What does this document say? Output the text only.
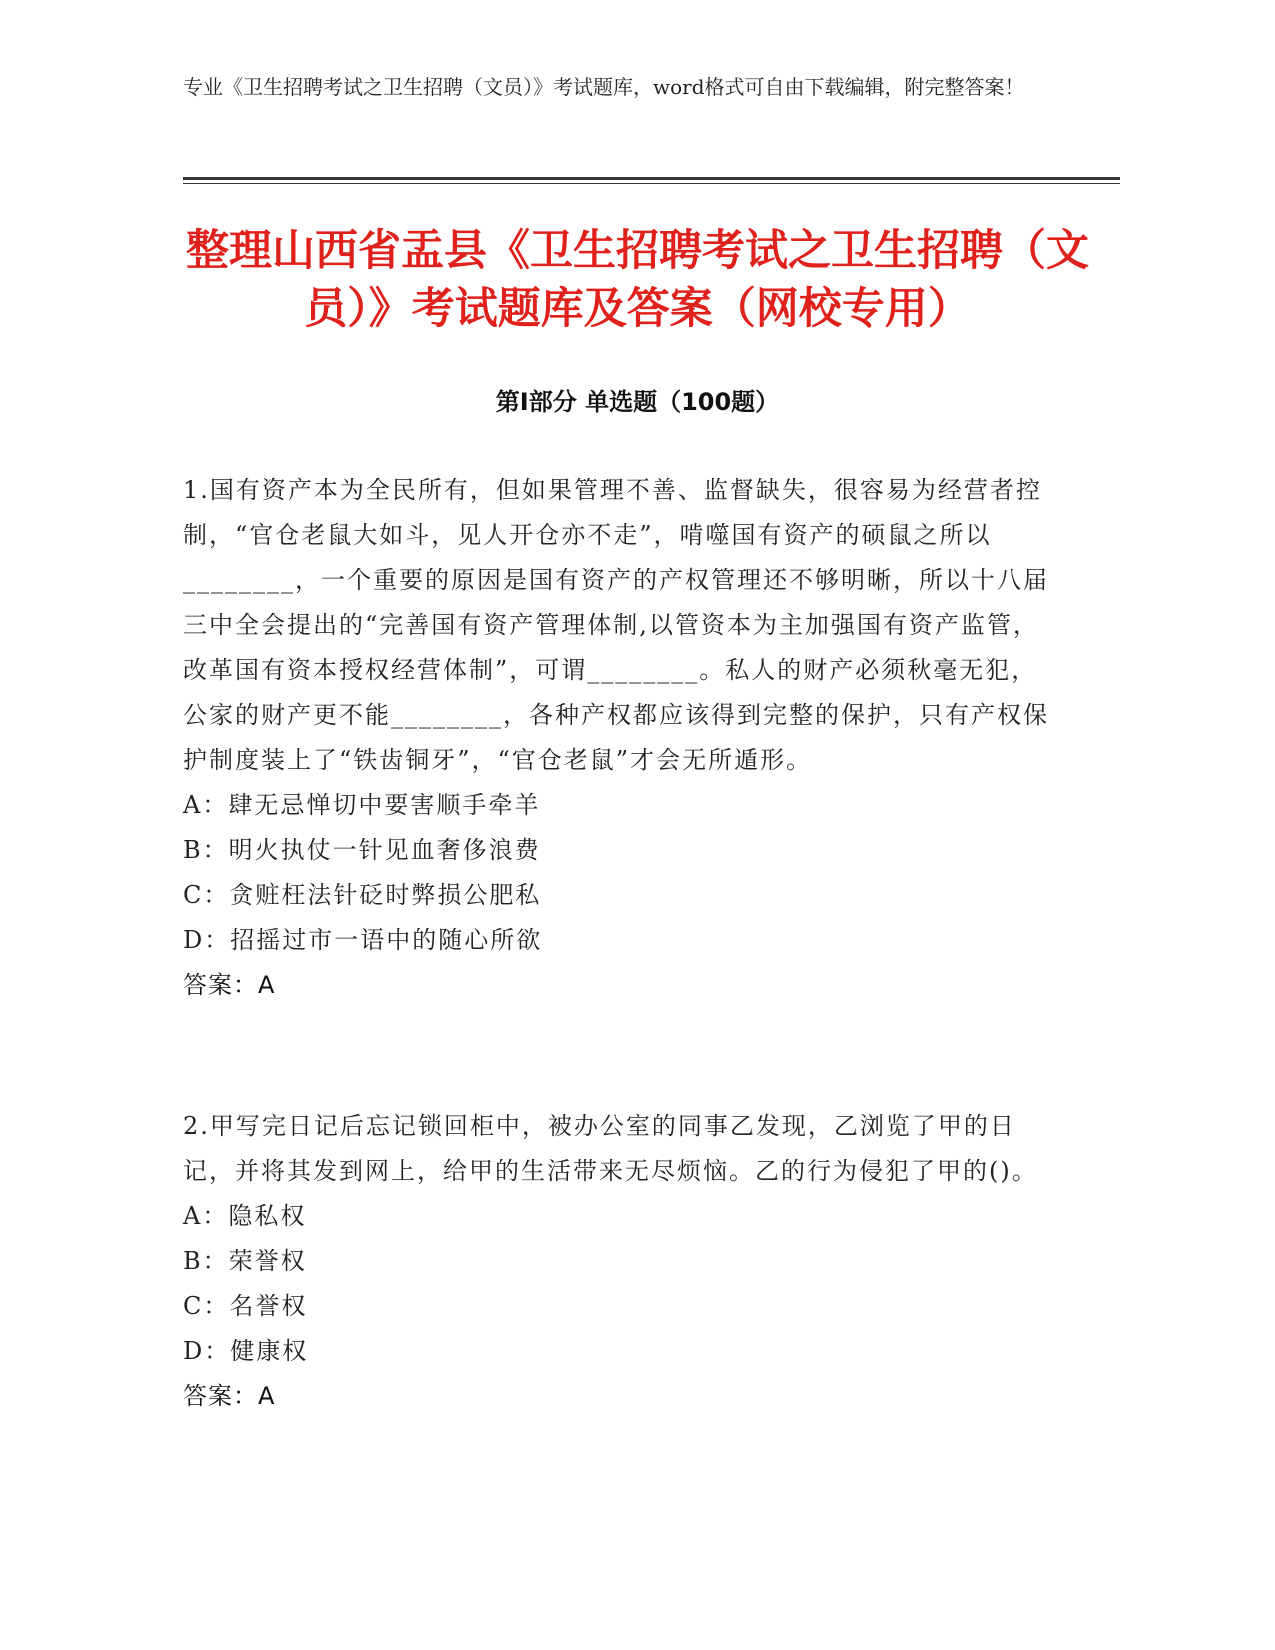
专业《卫生招聘考试之卫生招聘（文员）》考试题库，word格式可自由下载编辑，附完整答案！
整理山西省盂县《卫生招聘考试之卫生招聘（文员）》考试题库及答案（网校专用）
第Ⅰ部分 单选题（100题）

1.国有资产本为全民所有，但如果管理不善、监督缺失，很容易为经营者控制，“官仓老鼠大如斗，见人开仓亦不走”，啃噬国有资产的硕鼠之所以________，一个重要的原因是国有资产的产权管理还不够明晰，所以十八届三中全会提出的“完善国有资产管理体制,以管资本为主加强国有资产监管，改革国有资本授权经营体制”，可谓________。私人的财产必须秋毫无犯，公家的财产更不能________，各种产权都应该得到完整的保护，只有产权保护制度装上了“铁齿铜牙”，“官仓老鼠”才会无所遁形。

A：肆无忌惮切中要害顺手牵羊
B：明火执仗一针见血奢侈浪费
C：贪赃枉法针砭时弊损公肥私
D：招摇过市一语中的随心所欲
答案：A

2.甲写完日记后忘记锁回柜中，被办公室的同事乙发现，乙浏览了甲的日记，并将其发到网上，给甲的生活带来无尽烦恼。乙的行为侵犯了甲的()。

A：隐私权
B：荣誉权
C：名誉权
D：健康权
答案：A
